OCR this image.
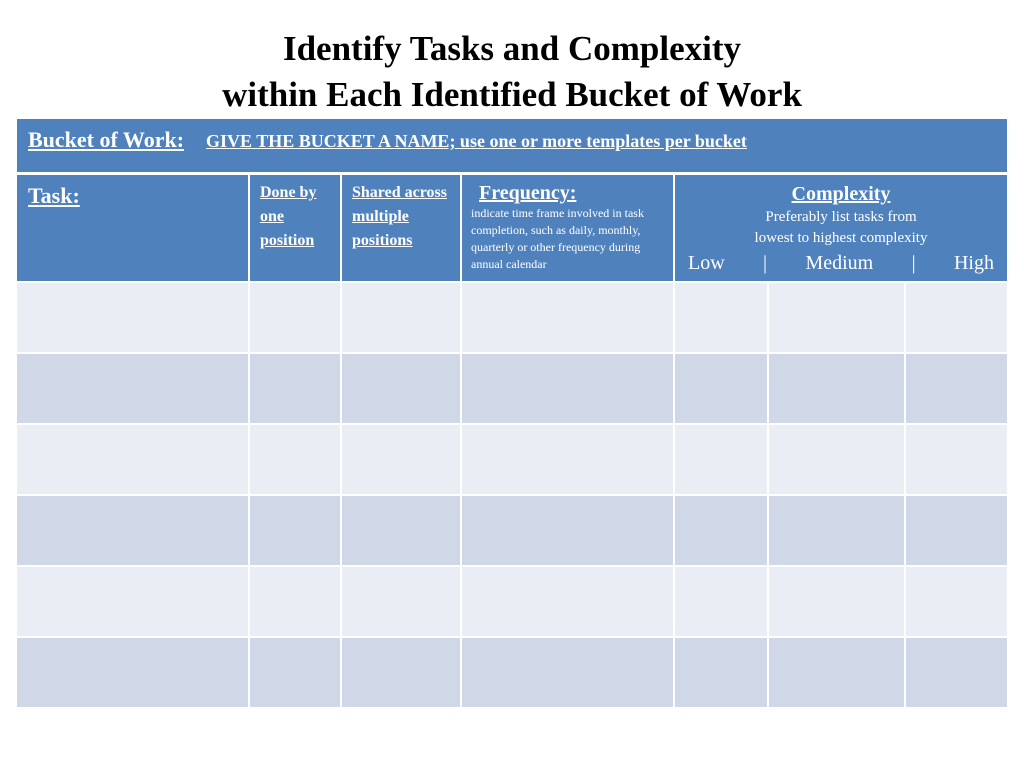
Identify Tasks and Complexity
within Each Identified Bucket of Work
Bucket of Work: GIVE THE BUCKET A NAME; use one or more templates per bucket
Task:	Done by one position
Shared across multiple positions
Frequency:
indicate time frame involved in task completion, such as daily, monthly, quarterly or other frequency during annual calendar
Complexity
Preferably list tasks from
lowest to highest complexity
Low | Medium | High
